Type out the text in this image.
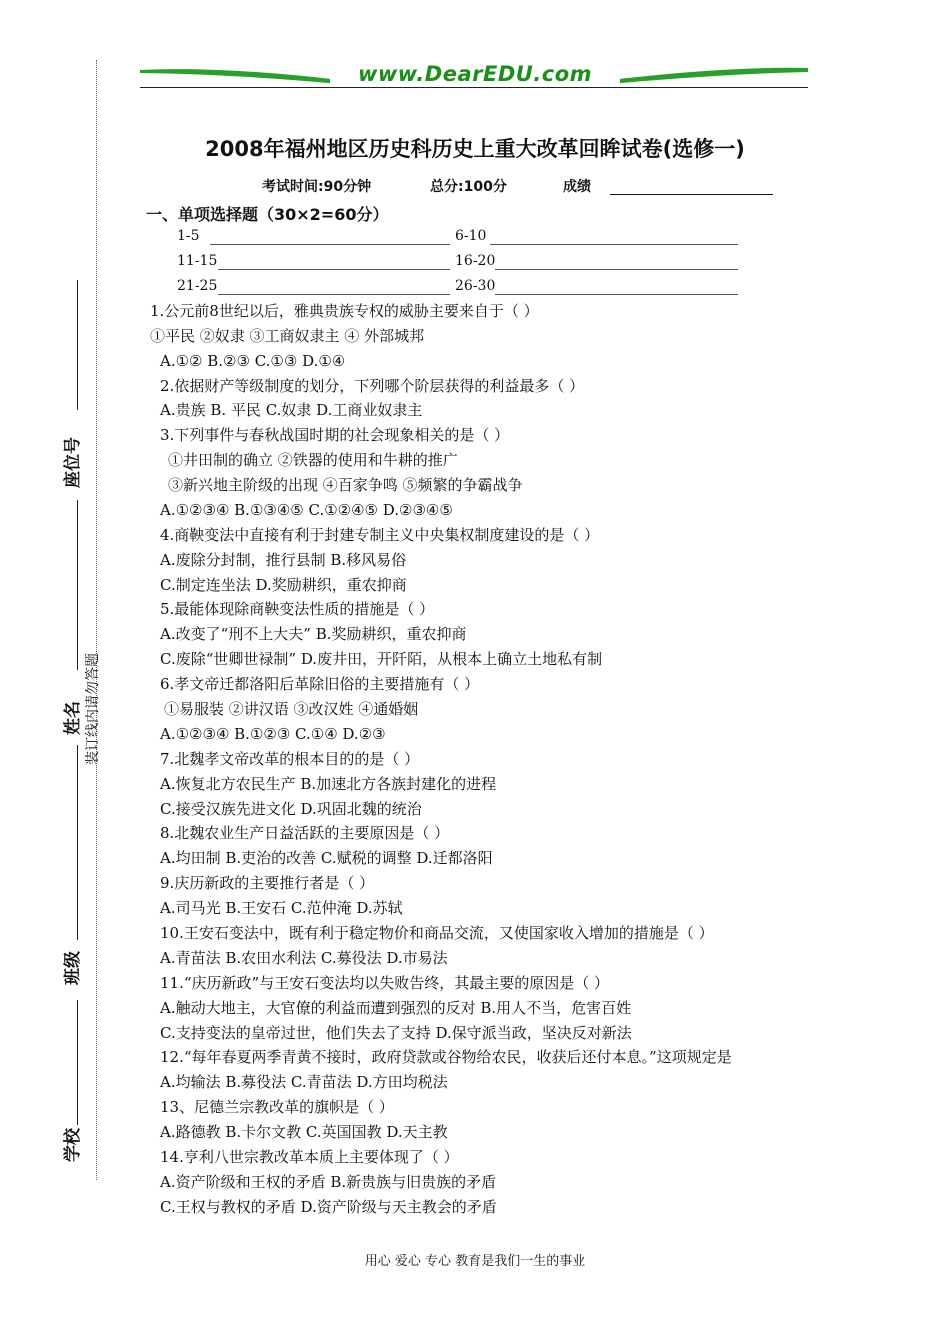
www.DearEDU.com
2008年福州地区历史科历史上重大改革回眸试卷(选修一)
考试时间:90分钟	总分:100分	成绩
一、单项选择题（30×2=60分）
1-5	6-10
11-15	16-20
21-25	26-30
座位号
姓名 装订线内请勿答题
班级
学校
1.公元前8世纪以后，雅典贵族专权的威胁主要来自于（ ）
①平民 ②奴隶 ③工商奴隶主 ④ 外部城邦
A.①② B.②③ C.①③ D.①④
2.依据财产等级制度的划分，下列哪个阶层获得的利益最多（ ）
A.贵族 B. 平民 C.奴隶 D.工商业奴隶主
3.下列事件与春秋战国时期的社会现象相关的是（ ）
①井田制的确立 ②铁器的使用和牛耕的推广
③新兴地主阶级的出现 ④百家争鸣 ⑤频繁的争霸战争
A.①②③④ B.①③④⑤ C.①②④⑤ D.②③④⑤
4.商鞅变法中直接有利于封建专制主义中央集权制度建设的是（ ）
A.废除分封制，推行县制 B.移风易俗
C.制定连坐法 D.奖励耕织，重农抑商
5.最能体现除商鞅变法性质的措施是（ ）
A.改变了“刑不上大夫” B.奖励耕织，重农抑商
C.废除“世卿世禄制” D.废井田，开阡陌，从根本上确立土地私有制
6.孝文帝迁都洛阳后革除旧俗的主要措施有（ ）
①易服装 ②讲汉语 ③改汉姓 ④通婚姻
A.①②③④ B.①②③ C.①④ D.②③
7.北魏孝文帝改革的根本目的的是（ ）
A.恢复北方农民生产 B.加速北方各族封建化的进程
C.接受汉族先进文化 D.巩固北魏的统治
8.北魏农业生产日益活跃的主要原因是（ ）
A.均田制 B.吏治的改善 C.赋税的调整 D.迁都洛阳
9.庆历新政的主要推行者是（ ）
A.司马光 B.王安石 C.范仲淹 D.苏轼
10.王安石变法中，既有利于稳定物价和商品交流，又使国家收入增加的措施是（ ）
A.青苗法 B.农田水利法 C.募役法 D.市易法
11.“庆历新政”与王安石变法均以失败告终，其最主要的原因是（ ）
A.触动大地主，大官僚的利益而遭到强烈的反对 B.用人不当，危害百姓
C.支持变法的皇帝过世，他们失去了支持 D.保守派当政，坚决反对新法
12.“每年春夏两季青黄不接时，政府贷款或谷物给农民，收获后还付本息。”这项规定是
A.均输法 B.募役法 C.青苗法 D.方田均税法
13、尼德兰宗教改革的旗帜是（ ）
A.路德教 B.卡尔文教 C.英国国教 D.天主教
14.亨利八世宗教改革本质上主要体现了（ ）
A.资产阶级和王权的矛盾 B.新贵族与旧贵族的矛盾
C.王权与教权的矛盾 D.资产阶级与天主教会的矛盾
用心 爱心 专心 教育是我们一生的事业
